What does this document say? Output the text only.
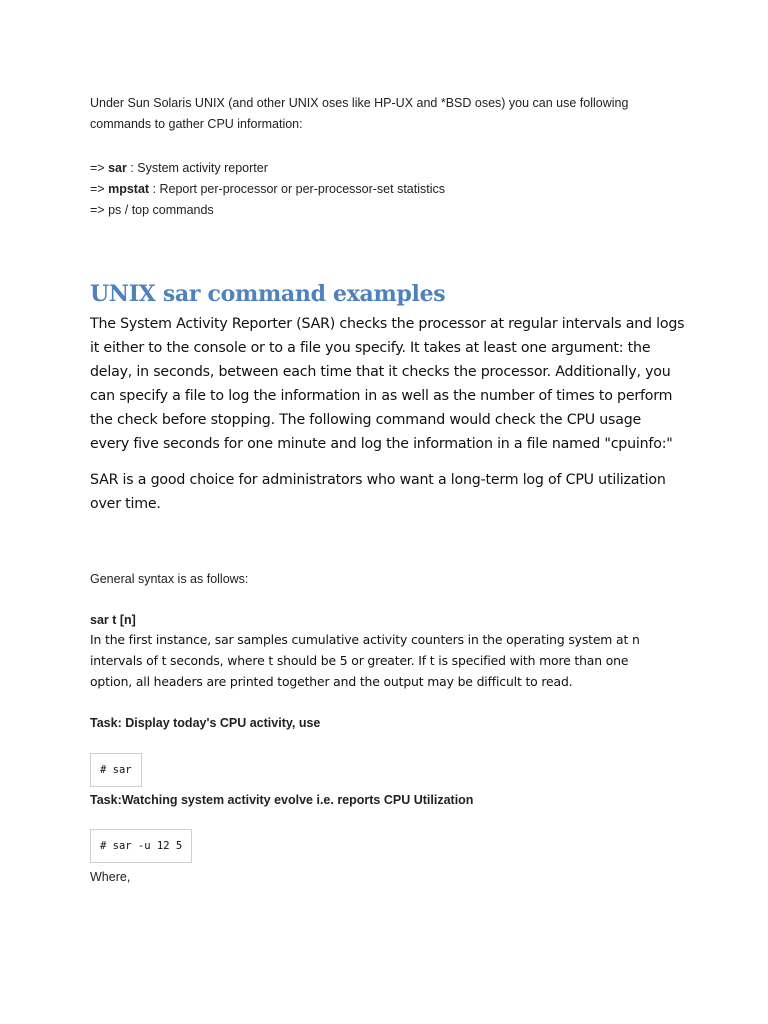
Under Sun Solaris UNIX (and other UNIX oses like HP-UX and *BSD oses) you can use following

commands to gather CPU information:

=> sar : System activity reporter

=> mpstat : Report per-processor or per-processor-set statistics

=> ps / top commands

UNIX sar command examples

The System Activity Reporter (SAR) checks the processor at regular intervals and logs

it either to the console or to a file you specify. It takes at least one argument: the

delay, in seconds, between each time that it checks the processor. Additionally, you

can specify a file to log the information in as well as the number of times to perform

the check before stopping. The following command would check the CPU usage

every five seconds for one minute and log the information in a file named "cpuinfo:"

SAR is a good choice for administrators who want a long-term log of CPU utilization

over time.

General syntax is as follows:
sar t [n]

In the first instance, sar samples cumulative activity counters in the operating system at n

intervals of t seconds, where t should be 5 or greater. If t is specified with more than one

option, all headers are printed together and the output may be difficult to read.

Task: Display today's CPU activity, use
# sar
Task:Watching system activity evolve i.e. reports CPU Utilization
# sar -u 12 5
Where,
